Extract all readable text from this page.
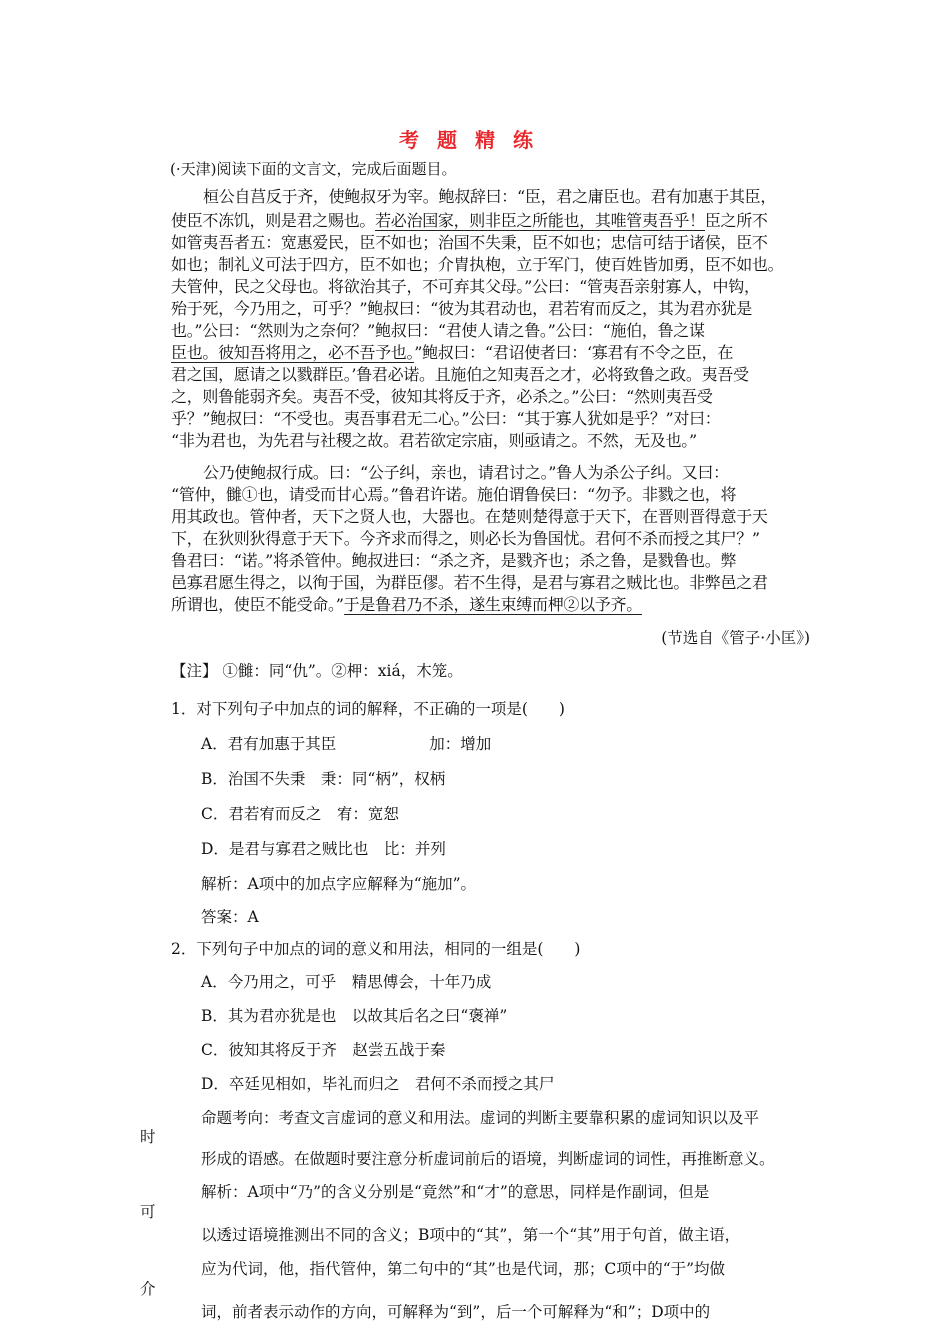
考题精练
(·天津)阅读下面的文言文，完成后面题目。
桓公自莒反于齐，使鲍叔牙为宰。鲍叔辞曰：“臣，君之庸臣也。君有加惠于其臣，
使臣不冻饥，则是君之赐也。若必治国家，则非臣之所能也，其唯管夷吾乎！臣之所不
如管夷吾者五：宽惠爱民，臣不如也；治国不失秉，臣不如也；忠信可结于诸侯，臣不
如也；制礼义可法于四方，臣不如也；介胄执枹，立于军门，使百姓皆加勇，臣不如也。
夫管仲，民之父母也。将欲治其子，不可弃其父母。”公曰：“管夷吾亲射寡人，中钩，
殆于死，今乃用之，可乎？”鲍叔曰：“彼为其君动也，君若宥而反之，其为君亦犹是
也。”公曰：“然则为之奈何？”鲍叔曰：“君使人请之鲁。”公曰：“施伯，鲁之谋
臣也。彼知吾将用之，必不吾予也。”鲍叔曰：“君诏使者曰：‘寡君有不令之臣，在
君之国，愿请之以戮群臣。’鲁君必诺。且施伯之知夷吾之才，必将致鲁之政。夷吾受
之，则鲁能弱齐矣。夷吾不受，彼知其将反于齐，必杀之。”公曰：“然则夷吾受
乎？”鲍叔曰：“不受也。夷吾事君无二心。”公曰：“其于寡人犹如是乎？”对曰：
“非为君也，为先君与社稷之故。君若欲定宗庙，则亟请之。不然，无及也。”
公乃使鲍叔行成。曰：“公子纠，亲也，请君讨之。”鲁人为杀公子纠。又曰：
“管仲，雠①也，请受而甘心焉。”鲁君许诺。施伯谓鲁侯曰：“勿予。非戮之也，将
用其政也。管仲者，天下之贤人也，大器也。在楚则楚得意于天下，在晋则晋得意于天
下，在狄则狄得意于天下。今齐求而得之，则必长为鲁国忧。君何不杀而授之其尸？”
鲁君曰：“诺。”将杀管仲。鲍叔进曰：“杀之齐，是戮齐也；杀之鲁，是戮鲁也。弊
邑寡君愿生得之，以徇于国，为群臣僇。若不生得，是君与寡君之贼比也。非弊邑之君
所谓也，使臣不能受命。”于是鲁君乃不杀，遂生束缚而柙②以予齐。
(节选自《管子·小匡》)
【注】 ①雠：同“仇”。②柙：xiá，木笼。
1．对下列句子中加点的词的解释，不正确的一项是(　　)
A．君有加惠于其臣　　　　　　加：增加
B．治国不失秉　秉：同“柄”，权柄
C．君若宥而反之　宥：宽恕
D．是君与寡君之贼比也　比：并列
解析：A项中的加点字应解释为“施加”。
答案：A
2．下列句子中加点的词的意义和用法，相同的一组是(　　)
A．今乃用之，可乎　精思傅会，十年乃成
B．其为君亦犹是也　以故其后名之曰“褒禅”
C．彼知其将反于齐　赵尝五战于秦
D．卒廷见相如，毕礼而归之　君何不杀而授之其尸
命题考向：考查文言虚词的意义和用法。虚词的判断主要靠积累的虚词知识以及平
时
形成的语感。在做题时要注意分析虚词前后的语境，判断虚词的词性，再推断意义。
解析：A项中“乃”的含义分别是“竟然”和“才”的意思，同样是作副词，但是
可
以透过语境推测出不同的含义；B项中的“其”，第一个“其”用于句首，做主语，
应为代词，他，指代管仲，第二句中的“其”也是代词，那；C项中的“于”均做
介
词，前者表示动作的方向，可解释为“到”，后一个可解释为“和”；D项中的
